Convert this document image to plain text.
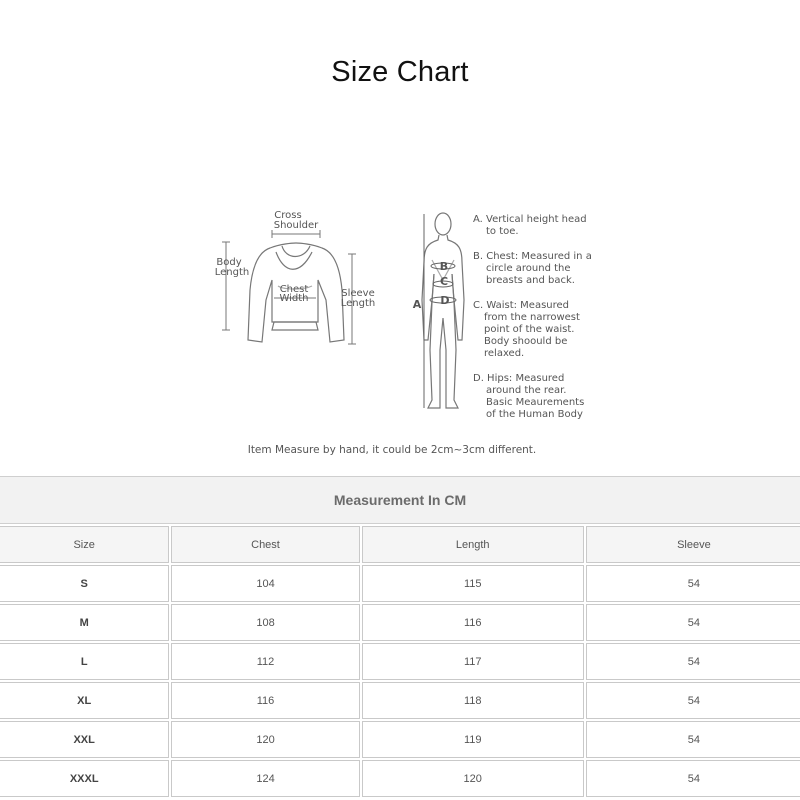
Size Chart
Cross
Shoulder
Body
Length
Chest
Width	Sleeve
Length
B
C
D
A
A. Vertical height head
to toe.
B. Chest: Measured in a
circle around the
breasts and back.
C. Waist: Measured
from the narrowest
point of the waist.
Body shoould be
relaxed.
D. Hips: Measured
around the rear.
Basic Meaurements
of the Human Body
Item Measure by hand, it could be 2cm~3cm different.
Measurement In CM
Size	Chest	Length	Sleeve
S	104	115	54
M	108	116	54
L	112	117	54
XL	116	118	54
XXL	120	119	54
XXXL	124	120	54
